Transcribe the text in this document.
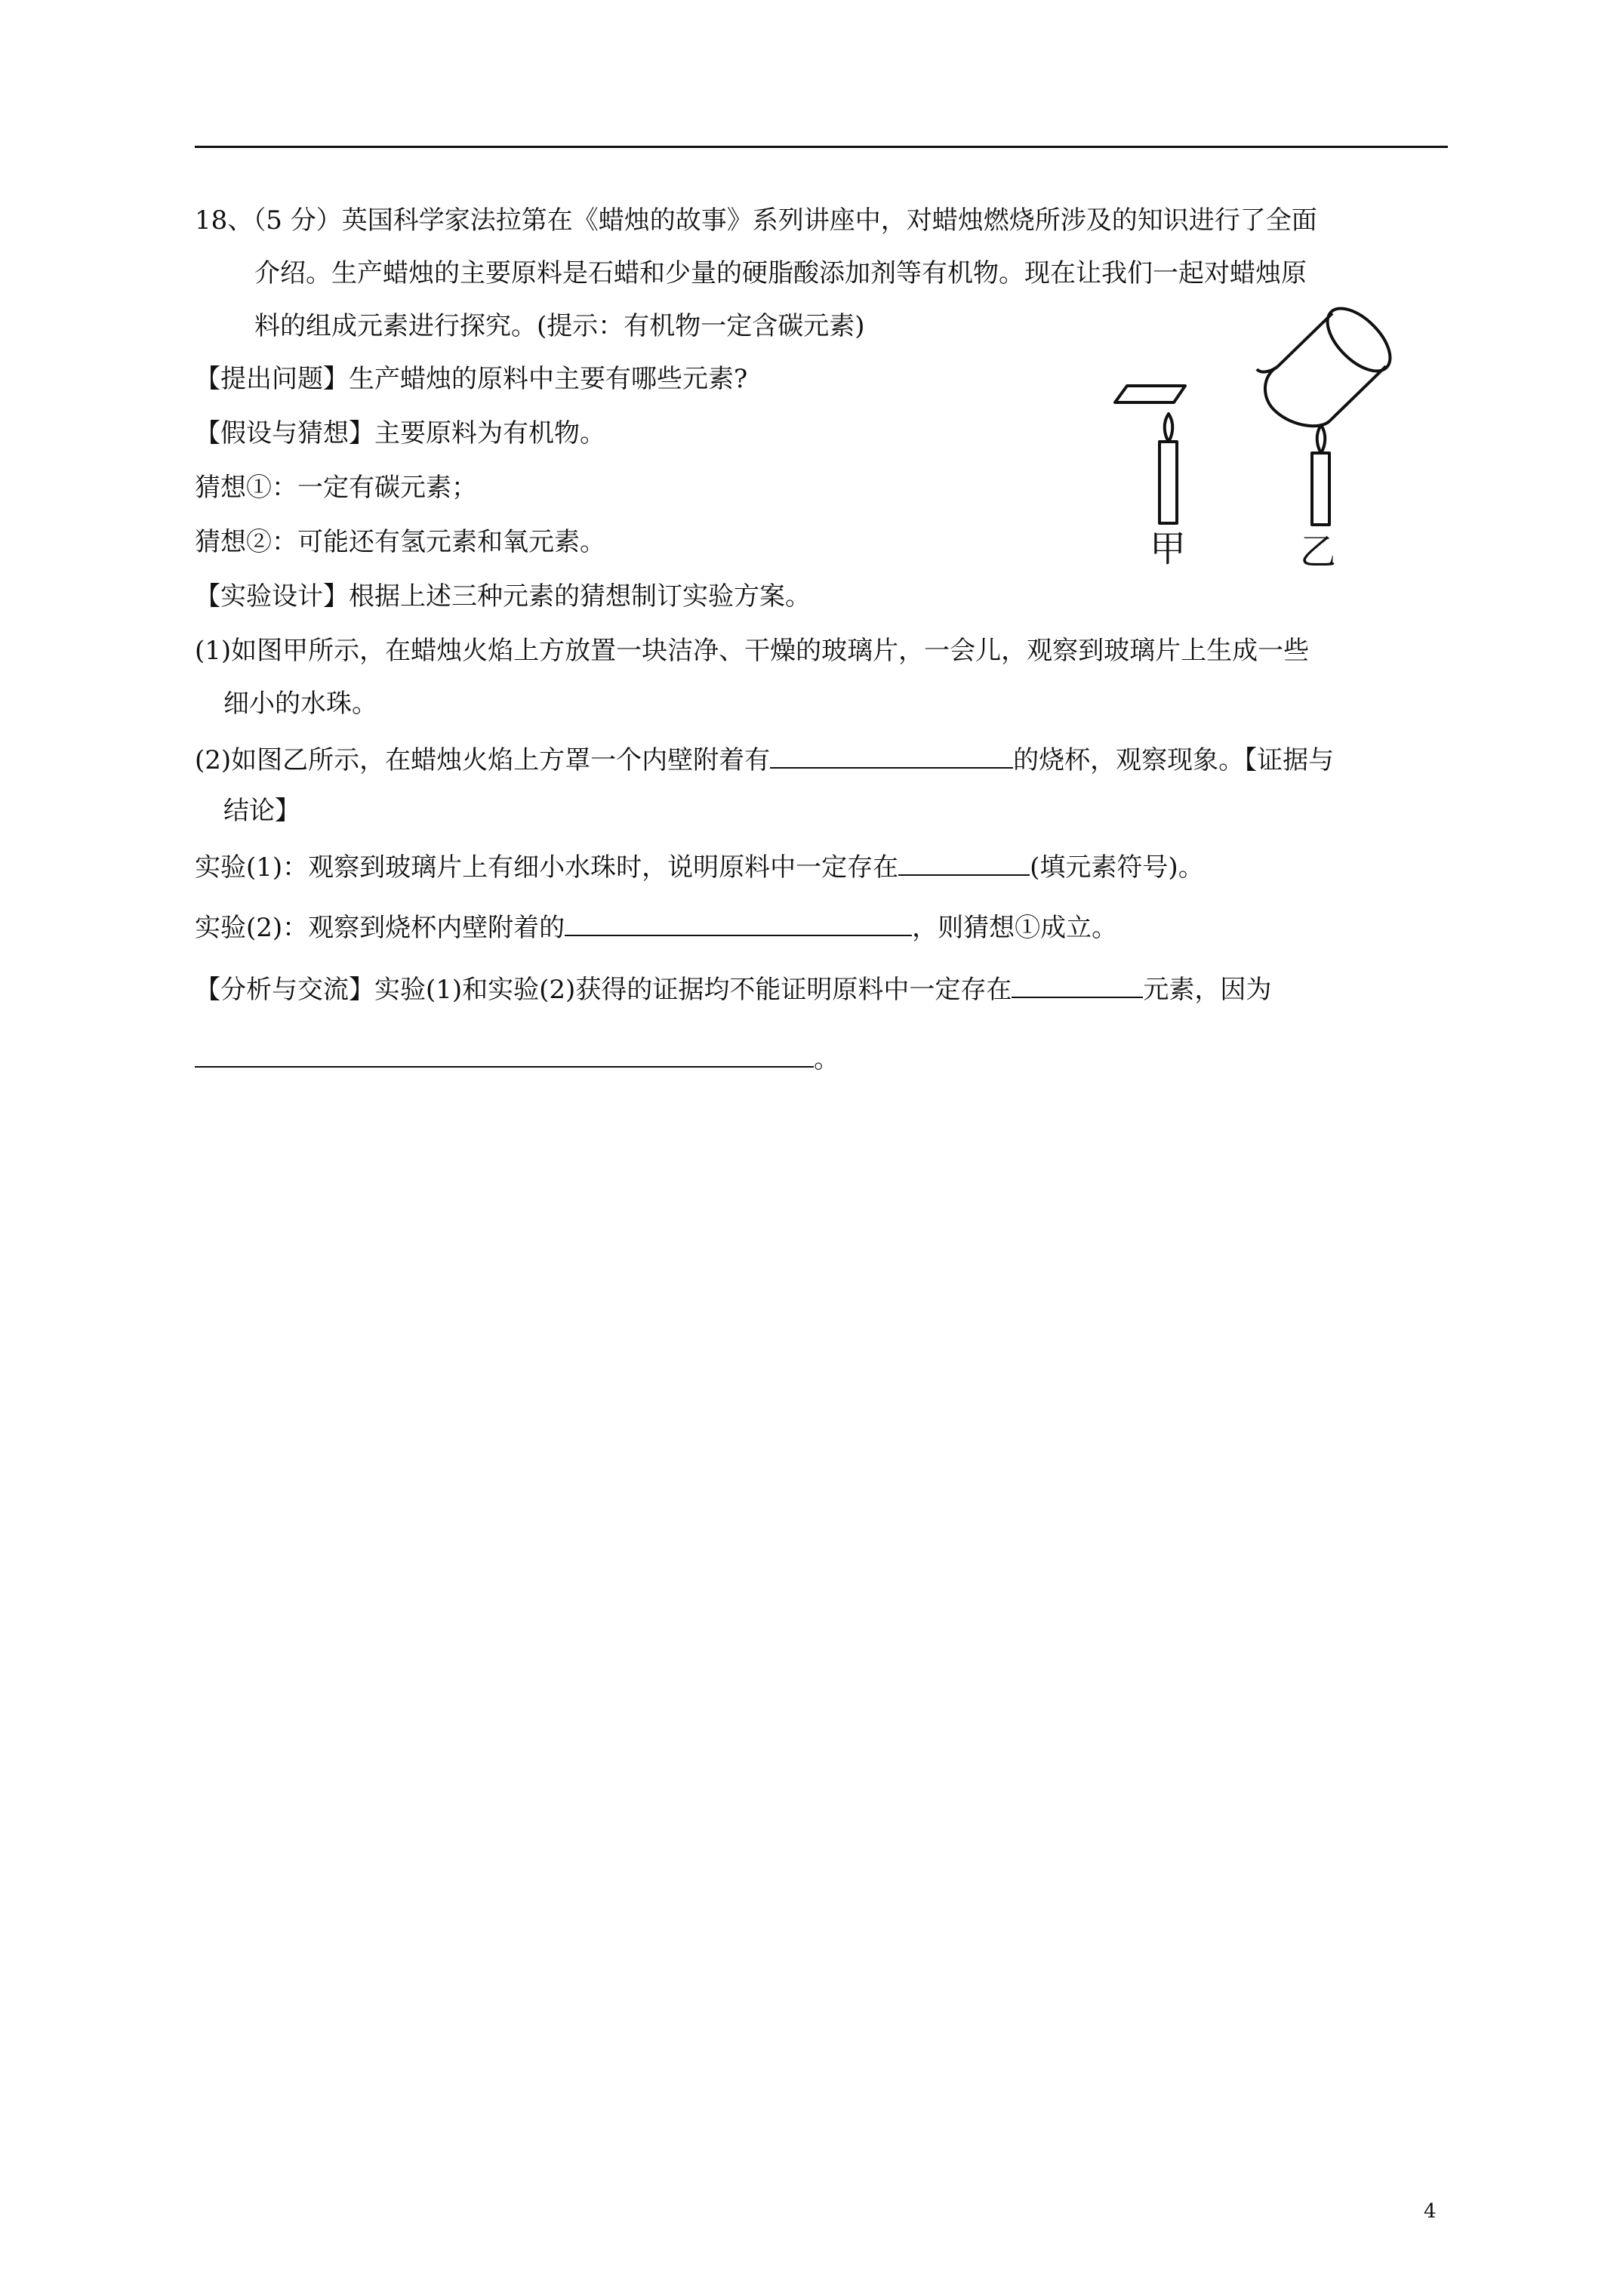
18、（5 分）英国科学家法拉第在《蜡烛的故事》系列讲座中，对蜡烛燃烧所涉及的知识进行了全面
介绍。生产蜡烛的主要原料是石蜡和少量的硬脂酸添加剂等有机物。现在让我们一起对蜡烛原
料的组成元素进行探究。(提示：有机物一定含碳元素)
【提出问题】生产蜡烛的原料中主要有哪些元素?
【假设与猜想】主要原料为有机物。
猜想①：一定有碳元素；
猜想②：可能还有氢元素和氧元素。
【实验设计】根据上述三种元素的猜想制订实验方案。
(1)如图甲所示，在蜡烛火焰上方放置一块洁净、干燥的玻璃片，一会儿，观察到玻璃片上生成一些
细小的水珠。
(2)如图乙所示，在蜡烛火焰上方罩一个内壁附着有	的烧杯，观察现象。【证据与
结论】
实验(1)：观察到玻璃片上有细小水珠时，说明原料中一定存在	(填元素符号)。
实验(2)：观察到烧杯内壁附着的	，则猜想①成立。
【分析与交流】实验(1)和实验(2)获得的证据均不能证明原料中一定存在	元素，因为
。
甲	乙
4
